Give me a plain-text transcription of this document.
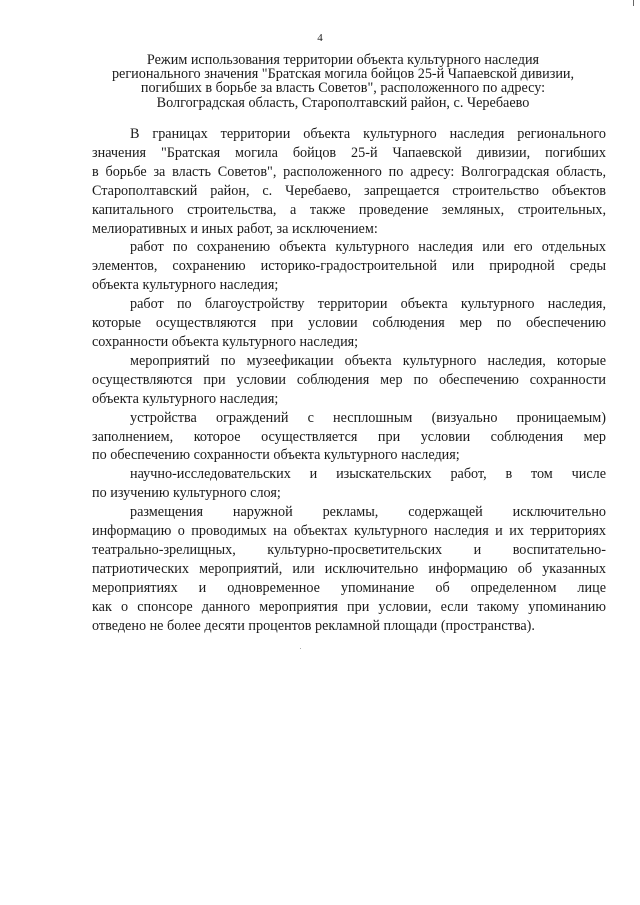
4
Режим использования территории объекта культурного наследия
регионального значения "Братская могила бойцов 25-й Чапаевской дивизии,
погибших в борьбе за власть Советов", расположенного по адресу:
Волгоградская область, Старополтавский район, с. Черебаево
В границах территории объекта культурного наследия регионального
значения "Братская могила бойцов 25-й Чапаевской дивизии, погибших
в борьбе за власть Советов", расположенного по адресу: Волгоградская область,
Старополтавский район, с. Черебаево, запрещается строительство объектов
капитального строительства, а также проведение земляных, строительных,
мелиоративных и иных работ, за исключением:
работ по сохранению объекта культурного наследия или его отдельных
элементов, сохранению историко-градостроительной или природной среды
объекта культурного наследия;
работ по благоустройству территории объекта культурного наследия,
которые осуществляются при условии соблюдения мер по обеспечению
сохранности объекта культурного наследия;
мероприятий по музеефикации объекта культурного наследия, которые
осуществляются при условии соблюдения мер по обеспечению сохранности
объекта культурного наследия;
устройства ограждений с несплошным (визуально проницаемым)
заполнением, которое осуществляется при условии соблюдения мер
по обеспечению сохранности объекта культурного наследия;
научно-исследовательских и изыскательских работ, в том числе
по изучению культурного слоя;
размещения наружной рекламы, содержащей исключительно
информацию о проводимых на объектах культурного наследия и их территориях
театрально-зрелищных, культурно-просветительских и воспитательно-
патриотических мероприятий, или исключительно информацию об указанных
мероприятиях и одновременное упоминание об определенном лице
как о спонсоре данного мероприятия при условии, если такому упоминанию
отведено не более десяти процентов рекламной площади (пространства).
